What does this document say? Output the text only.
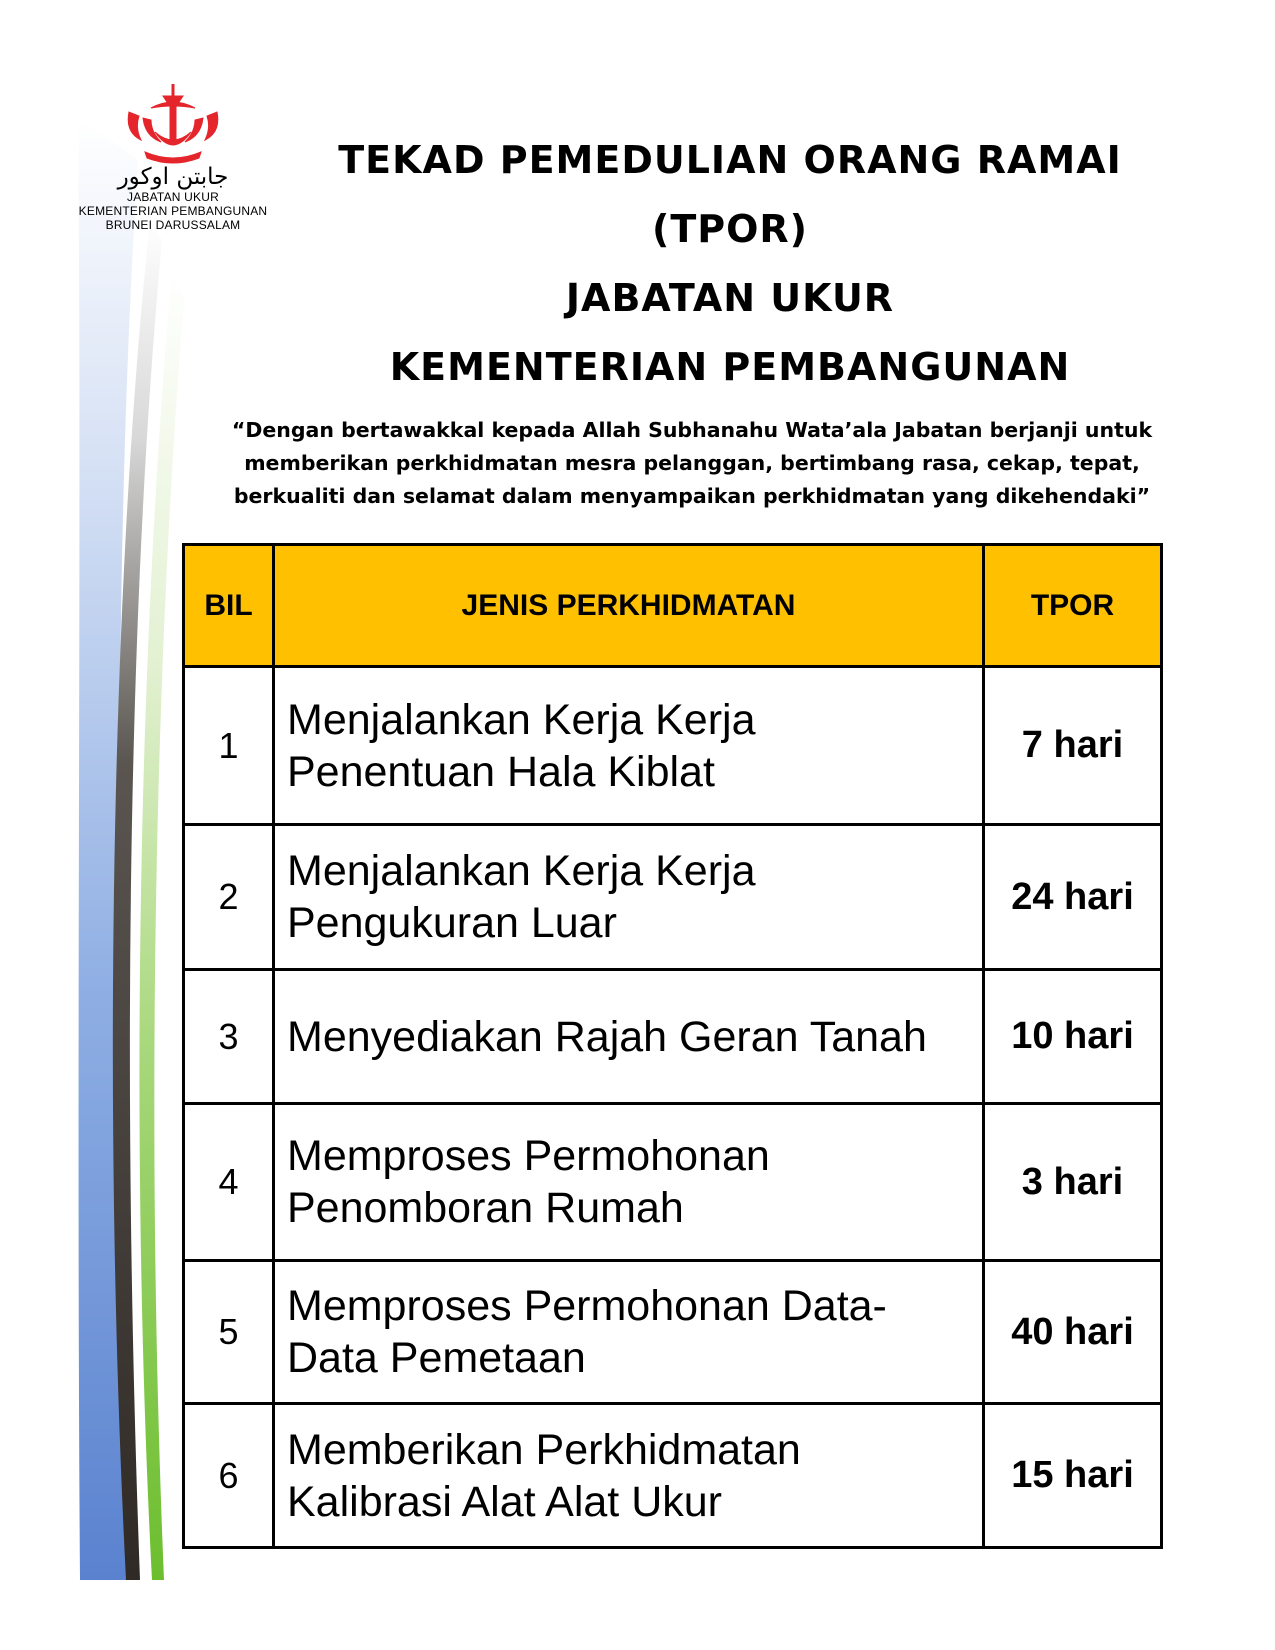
جابتن اوكور
JABATAN UKUR
KEMENTERIAN PEMBANGUNAN
BRUNEI DARUSSALAM
TEKAD PEMEDULIAN ORANG RAMAI
(TPOR)
JABATAN UKUR
KEMENTERIAN PEMBANGUNAN

“Dengan bertawakkal kepada Allah Subhanahu Wata’ala Jabatan berjanji untuk
memberikan perkhidmatan mesra pelanggan, bertimbang rasa, cekap, tepat,
berkualiti dan selamat dalam menyampaikan perkhidmatan yang dikehendaki”

BIL	JENIS PERKHIDMATAN	TPOR
1	Menjalankan Kerja Kerja
Penentuan Hala Kiblat	7 hari
2	Menjalankan Kerja Kerja
Pengukuran Luar	24 hari
3	Menyediakan Rajah Geran Tanah	10 hari
4	Memproses Permohonan
Penomboran Rumah	3 hari
5	Memproses Permohonan Data-
Data Pemetaan	40 hari
6	Memberikan Perkhidmatan
Kalibrasi Alat Alat Ukur	15 hari
